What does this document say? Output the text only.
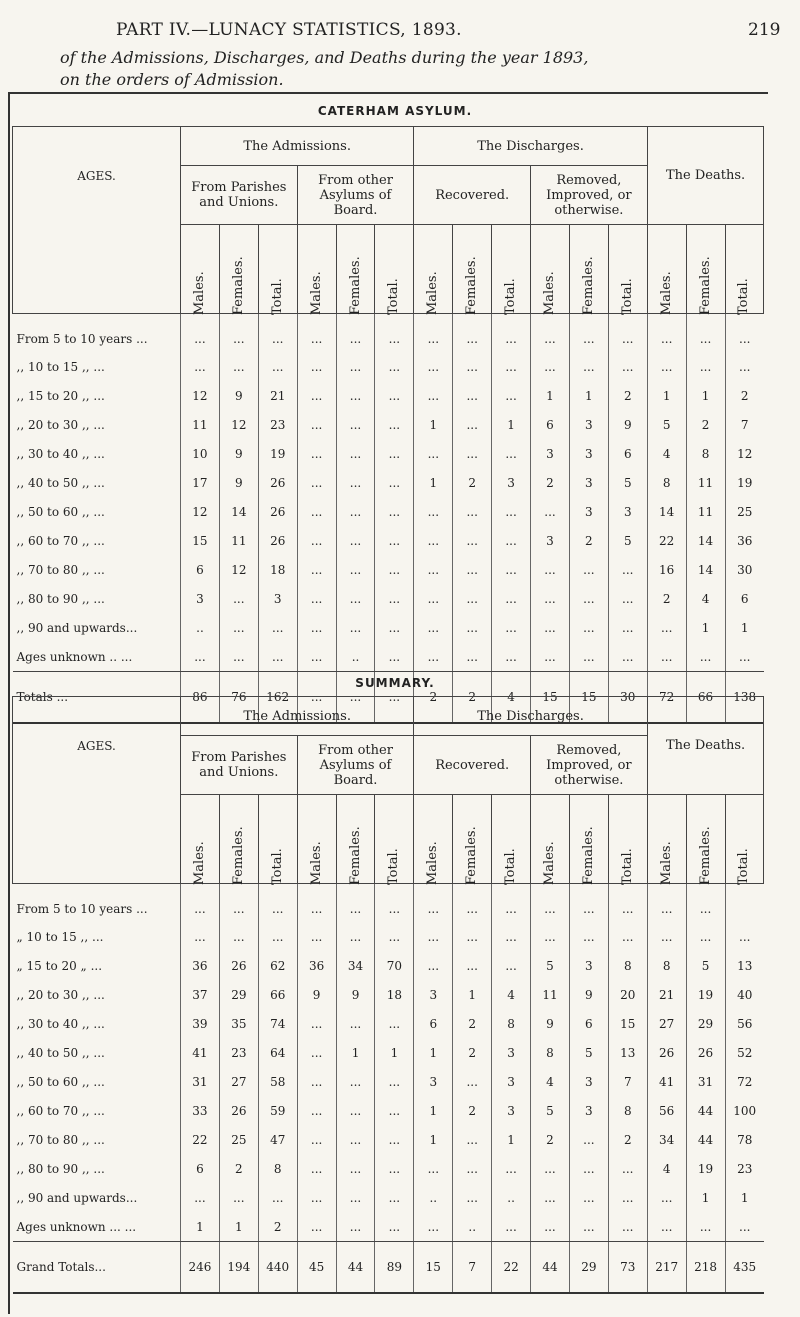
PART IV.—LUNACY STATISTICS, 1893.	219
of the Admissions, Discharges, and Deaths during the year 1893,
on the orders of Admission.
CATERHAM ASYLUM.
AGES.	The Admissions.						The Discharges.						The Deaths.		
	From Parishes and Unions.			From other Asylums of Board.			Recovered.			Removed, Improved, or otherwise.					

	Males.	Females.	Total.	Males.	Females.	Total.	Males.	Females.	Total.	Males.	Females.	Total.	Males.	Females.	Total.

From 5 to 10 years ...	...	...	...	...	...	...	...	...	...	...	...	...	...	...	...
,, 10 to 15 ,, ...	...	...	...	...	...	...	...	...	...	...	...	...	...	...	...
,, 15 to 20 ,, ...	12	9	21	...	...	...	...	...	...	1	1	2	1	1	2
,, 20 to 30 ,, ...	11	12	23	...	...	...	1	...	1	6	3	9	5	2	7
,, 30 to 40 ,, ...	10	9	19	...	...	...	...	...	...	3	3	6	4	8	12
,, 40 to 50 ,, ...	17	9	26	...	...	...	1	2	3	2	3	5	8	11	19
,, 50 to 60 ,, ...	12	14	26	...	...	...	...	...	...	...	3	3	14	11	25
,, 60 to 70 ,, ...	15	11	26	...	...	...	...	...	...	3	2	5	22	14	36
,, 70 to 80 ,, ...	6	12	18	...	...	...	...	...	...	...	...	...	16	14	30
,, 80 to 90 ,, ...	3	...	3	...	...	...	...	...	...	...	...	...	2	4	6
,, 90 and upwards...	..	...	...	...	...	...	...	...	...	...	...	...	...	1	1
Ages unknown .. ...	...	...	...	...	..	...	...	...	...	...	...	...	...	...	...
Totals ...	86	76	162	...	...	...	2	2	4	15	15	30	72	66	138
SUMMARY.
AGES.	The Admissions.						The Discharges.						The Deaths.		
	From Parishes and Unions.			From other Asylums of Board.			Recovered.			Removed, Improved, or otherwise.					

	Males.	Females.	Total.	Males.	Females.	Total.	Males.	Females.	Total.	Males.	Females.	Total.	Males.	Females.	Total.

From 5 to 10 years ...	...	...	...	...	...	...	...	...	...	...	...	...	...	...	
„ 10 to 15 ,, ...	...	...	...	...	...	...	...	...	...	...	...	...	...	...	...
„ 15 to 20 „ ...	36	26	62	36	34	70	...	...	...	5	3	8	8	5	13
,, 20 to 30 ,, ...	37	29	66	9	9	18	3	1	4	11	9	20	21	19	40
,, 30 to 40 ,, ...	39	35	74	...	...	...	6	2	8	9	6	15	27	29	56
,, 40 to 50 ,, ...	41	23	64	...	1	1	1	2	3	8	5	13	26	26	52
,, 50 to 60 ,, ...	31	27	58	...	...	...	3	...	3	4	3	7	41	31	72
,, 60 to 70 ,, ...	33	26	59	...	...	...	1	2	3	5	3	8	56	44	100
,, 70 to 80 ,, ...	22	25	47	...	...	...	1	...	1	2	...	2	34	44	78
,, 80 to 90 ,, ...	6	2	8	...	...	...	...	...	...	...	...	...	4	19	23
,, 90 and upwards...	...	...	...	...	...	...	..	...	..	...	...	...	...	1	1
Ages unknown ... ...	1	1	2	...	...	...	...	..	...	...	...	...	...	...	...
Grand Totals...	246	194	440	45	44	89	15	7	22	44	29	73	217	218	435
